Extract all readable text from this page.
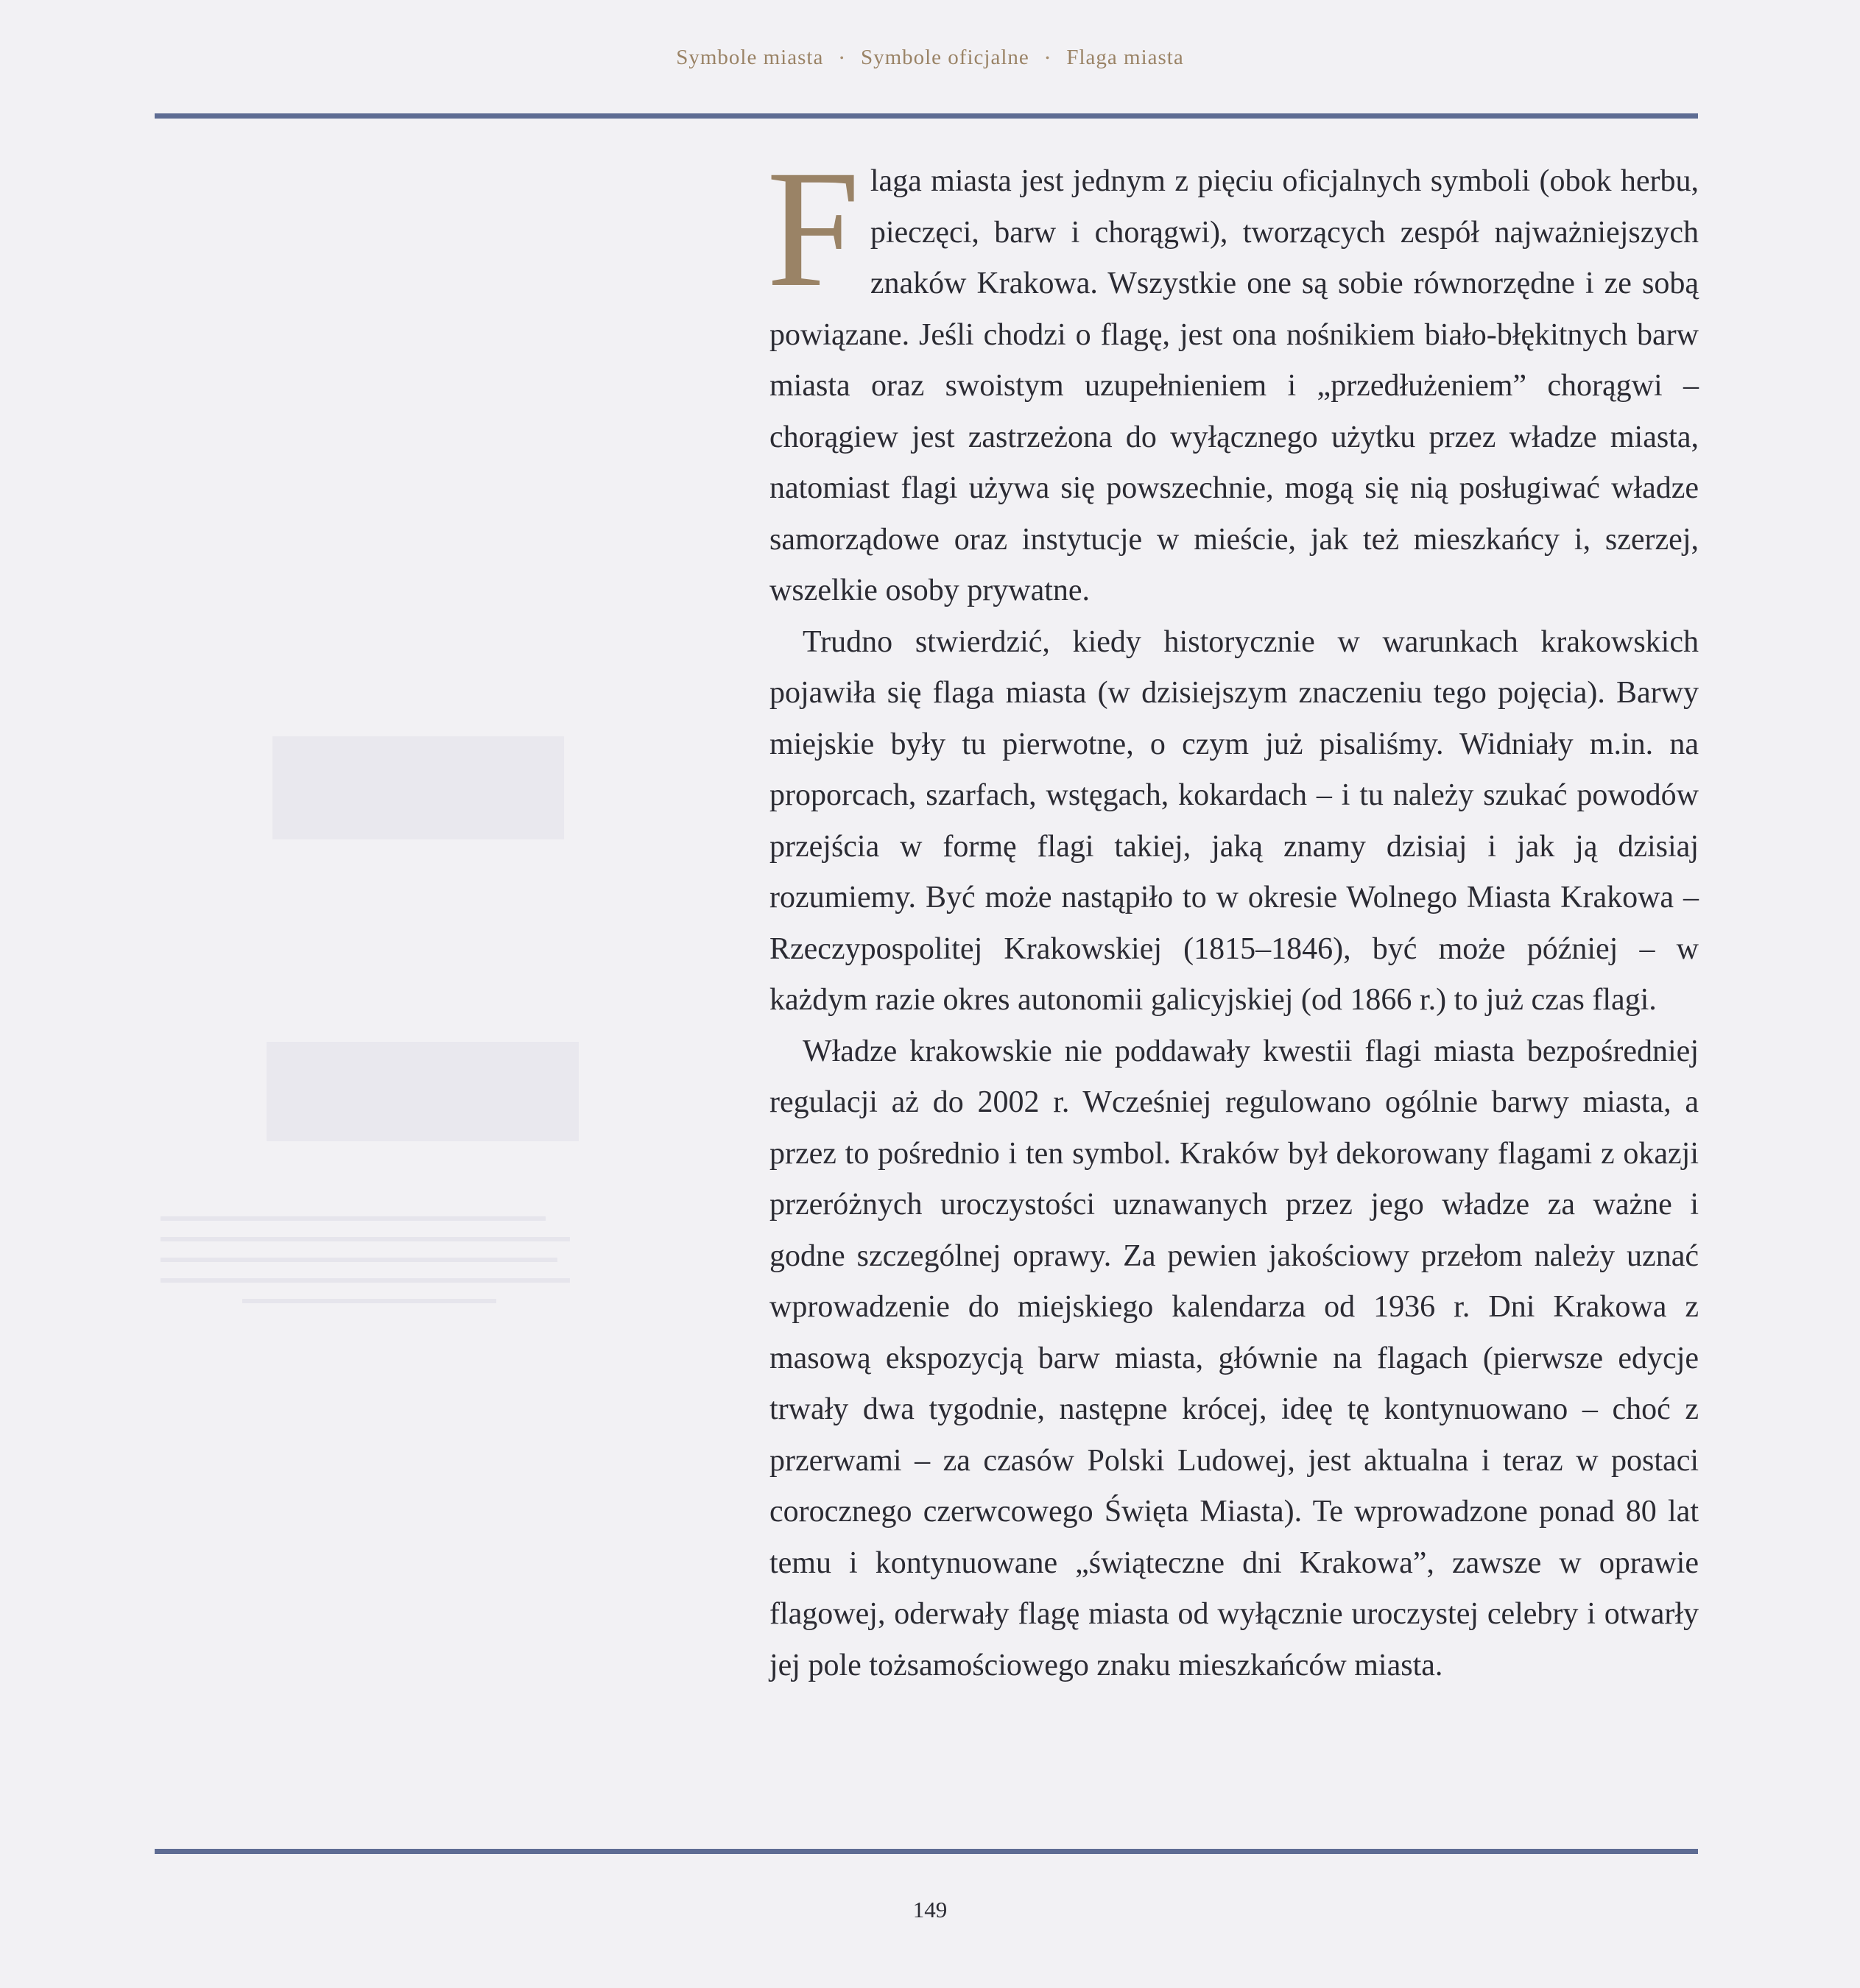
Symbole miasta • Symbole oficjalne • Flaga miasta

Flaga miasta jest jednym z pięciu oficjalnych symboli (obok herbu, pieczęci, barw i chorągwi), tworzących zespół najważniejszych znaków Krakowa. Wszystkie one są sobie równorzędne i ze sobą powiązane. Jeśli chodzi o flagę, jest ona nośnikiem biało-błękitnych barw miasta oraz swoistym uzupełnieniem i „przedłużeniem” chorągwi – chorągiew jest zastrzeżona do wyłącznego użytku przez władze miasta, natomiast flagi używa się powszechnie, mogą się nią posługiwać władze samorządowe oraz instytucje w mieście, jak też mieszkańcy i, szerzej, wszelkie osoby prywatne.

Trudno stwierdzić, kiedy historycznie w warunkach krakowskich pojawiła się flaga miasta (w dzisiejszym znaczeniu tego pojęcia). Barwy miejskie były tu pierwotne, o czym już pisaliśmy. Widniały m.in. na proporcach, szarfach, wstęgach, kokardach – i tu należy szukać powodów przejścia w formę flagi takiej, jaką znamy dzisiaj i jak ją dzisiaj rozumiemy. Być może nastąpiło to w okresie Wolnego Miasta Krakowa – Rzeczypospolitej Krakowskiej (1815–1846), być może później – w każdym razie okres autonomii galicyjskiej (od 1866 r.) to już czas flagi.

Władze krakowskie nie poddawały kwestii flagi miasta bezpośredniej regulacji aż do 2002 r. Wcześniej regulowano ogólnie barwy miasta, a przez to pośrednio i ten symbol. Kraków był dekorowany flagami z okazji przeróżnych uroczystości uznawanych przez jego władze za ważne i godne szczególnej oprawy. Za pewien jakościowy przełom należy uznać wprowadzenie do miejskiego kalendarza od 1936 r. Dni Krakowa z masową ekspozycją barw miasta, głównie na flagach (pierwsze edycje trwały dwa tygodnie, następne krócej, ideę tę kontynuowano – choć z przerwami – za czasów Polski Ludowej, jest aktualna i teraz w postaci corocznego czerwcowego Święta Miasta). Te wprowadzone ponad 80 lat temu i kontynuowane „świąteczne dni Krakowa”, zawsze w oprawie flagowej, oderwały flagę miasta od wyłącznie uroczystej celebry i otwarły jej pole tożsamościowego znaku mieszkańców miasta.

149
